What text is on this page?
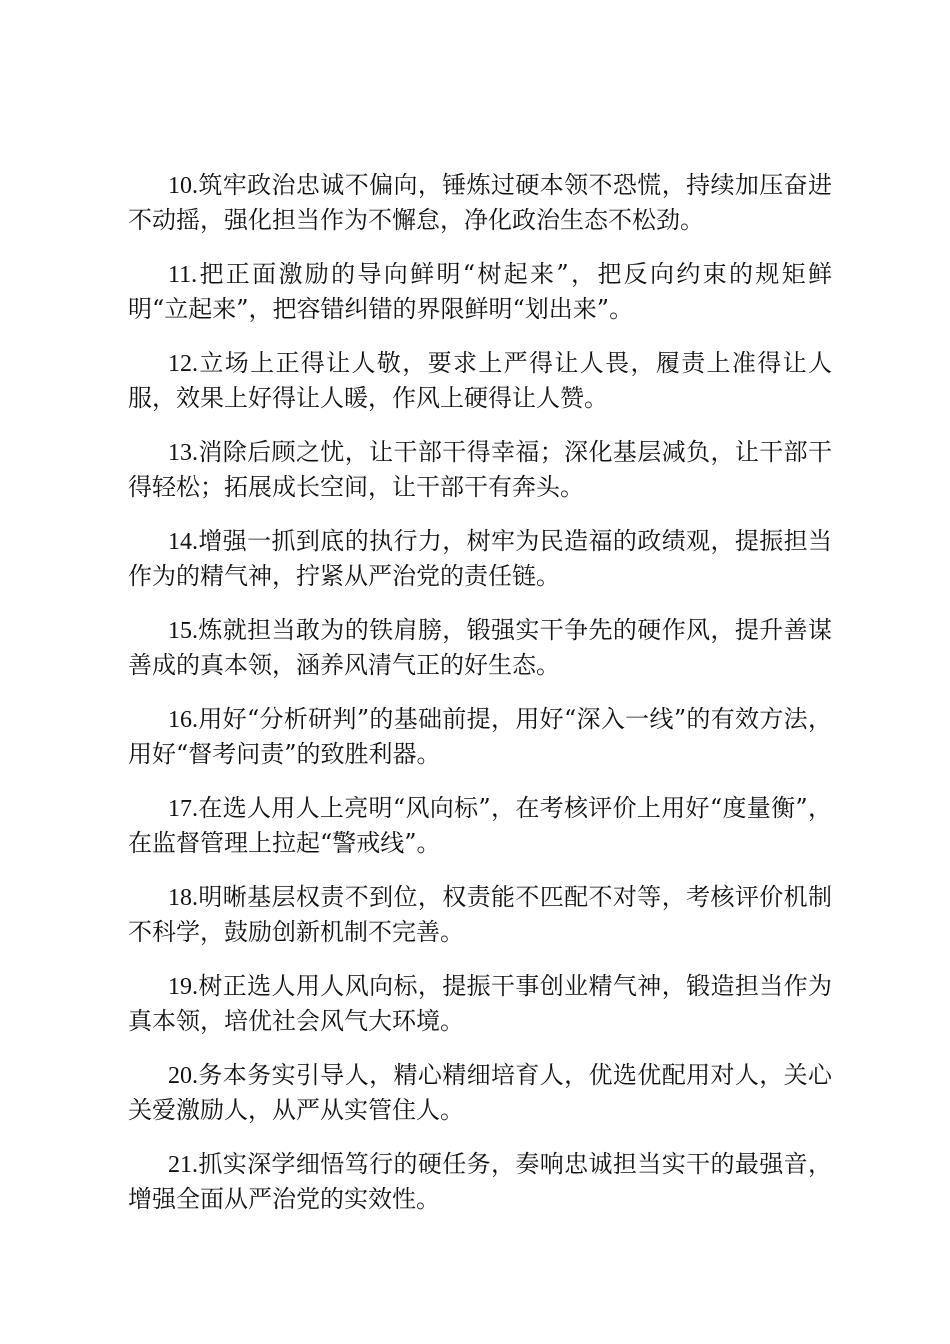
10.筑牢政治忠诚不偏向，锤炼过硬本领不恐慌，持续加压奋进不动摇，强化担当作为不懈怠，净化政治生态不松劲。

11.把正面激励的导向鲜明“树起来”，把反向约束的规矩鲜明“立起来”，把容错纠错的界限鲜明“划出来”。

12.立场上正得让人敬，要求上严得让人畏，履责上准得让人服，效果上好得让人暖，作风上硬得让人赞。

13.消除后顾之忧，让干部干得幸福；深化基层减负，让干部干得轻松；拓展成长空间，让干部干有奔头。

14.增强一抓到底的执行力，树牢为民造福的政绩观，提振担当作为的精气神，拧紧从严治党的责任链。

15.炼就担当敢为的铁肩膀，锻强实干争先的硬作风，提升善谋善成的真本领，涵养风清气正的好生态。

16.用好“分析研判”的基础前提，用好“深入一线”的有效方法，用好“督考问责”的致胜利器。

17.在选人用人上亮明“风向标”，在考核评价上用好“度量衡”，在监督管理上拉起“警戒线”。

18.明晰基层权责不到位，权责能不匹配不对等，考核评价机制不科学，鼓励创新机制不完善。

19.树正选人用人风向标，提振干事创业精气神，锻造担当作为真本领，培优社会风气大环境。

20.务本务实引导人，精心精细培育人，优选优配用对人，关心关爱激励人，从严从实管住人。

21.抓实深学细悟笃行的硬任务，奏响忠诚担当实干的最强音，增强全面从严治党的实效性。
